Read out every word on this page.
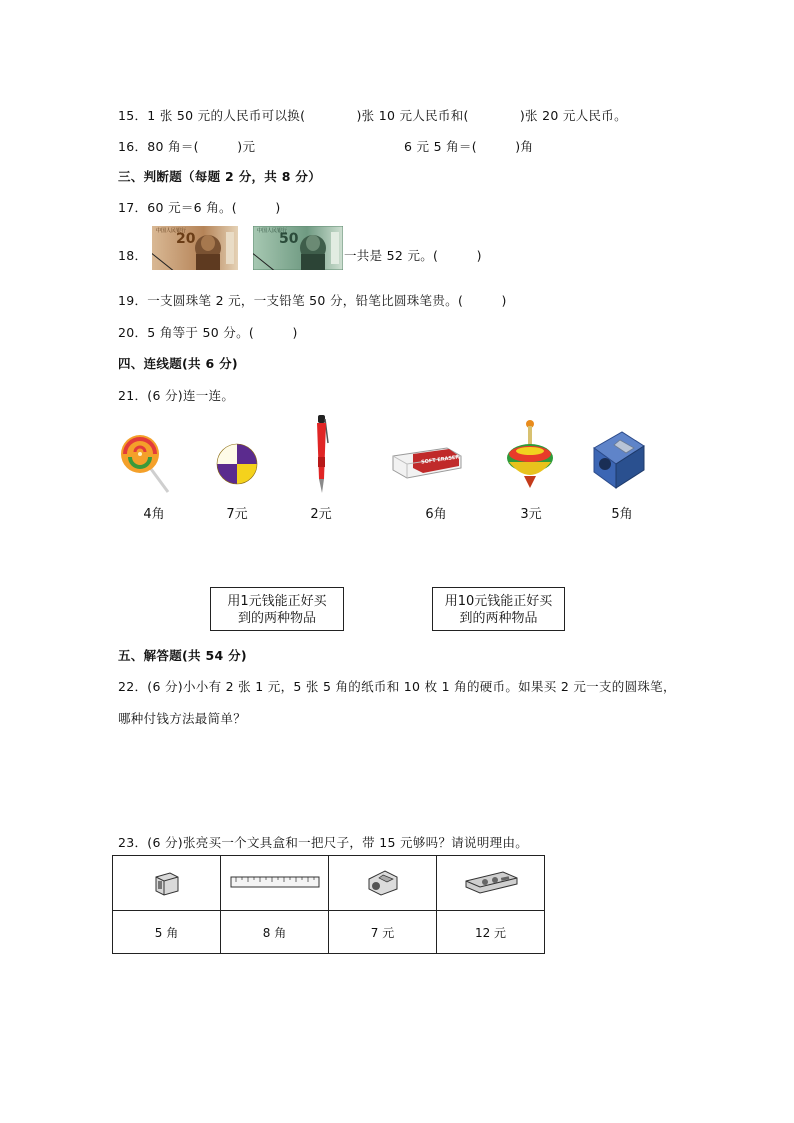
15．1 张 50 元的人民币可以换(　　　　)张 10 元人民币和(　　　　)张 20 元人民币。
16．80 角＝(　　　)元	6 元 5 角＝(　　　)角
三、判断题（每题 2 分，共 8 分）
17．60 元＝6 角。(　　　)
18．
20
中国人民银行	50
中国人民银行
一共是 52 元。(　　　)
19．一支圆珠笔 2 元，一支铅笔 50 分，铅笔比圆珠笔贵。(　　　)
20．5 角等于 50 分。(　　　)
四、连线题(共 6 分)
21．(6 分)连一连。
SOFT ERASER
4角	7元	2元	6角	3元	5角
用1元钱能正好买
到的两种物品
用10元钱能正好买
到的两种物品
五、解答题(共 54 分)
22．(6 分)小小有 2 张 1 元，5 张 5 角的纸币和 10 枚 1 角的硬币。如果买 2 元一支的圆珠笔，
哪种付钱方法最简单？
23．(6 分)张亮买一个文具盒和一把尺子，带 15 元够吗？请说明理由。

5 角	8 角	7 元	12 元
